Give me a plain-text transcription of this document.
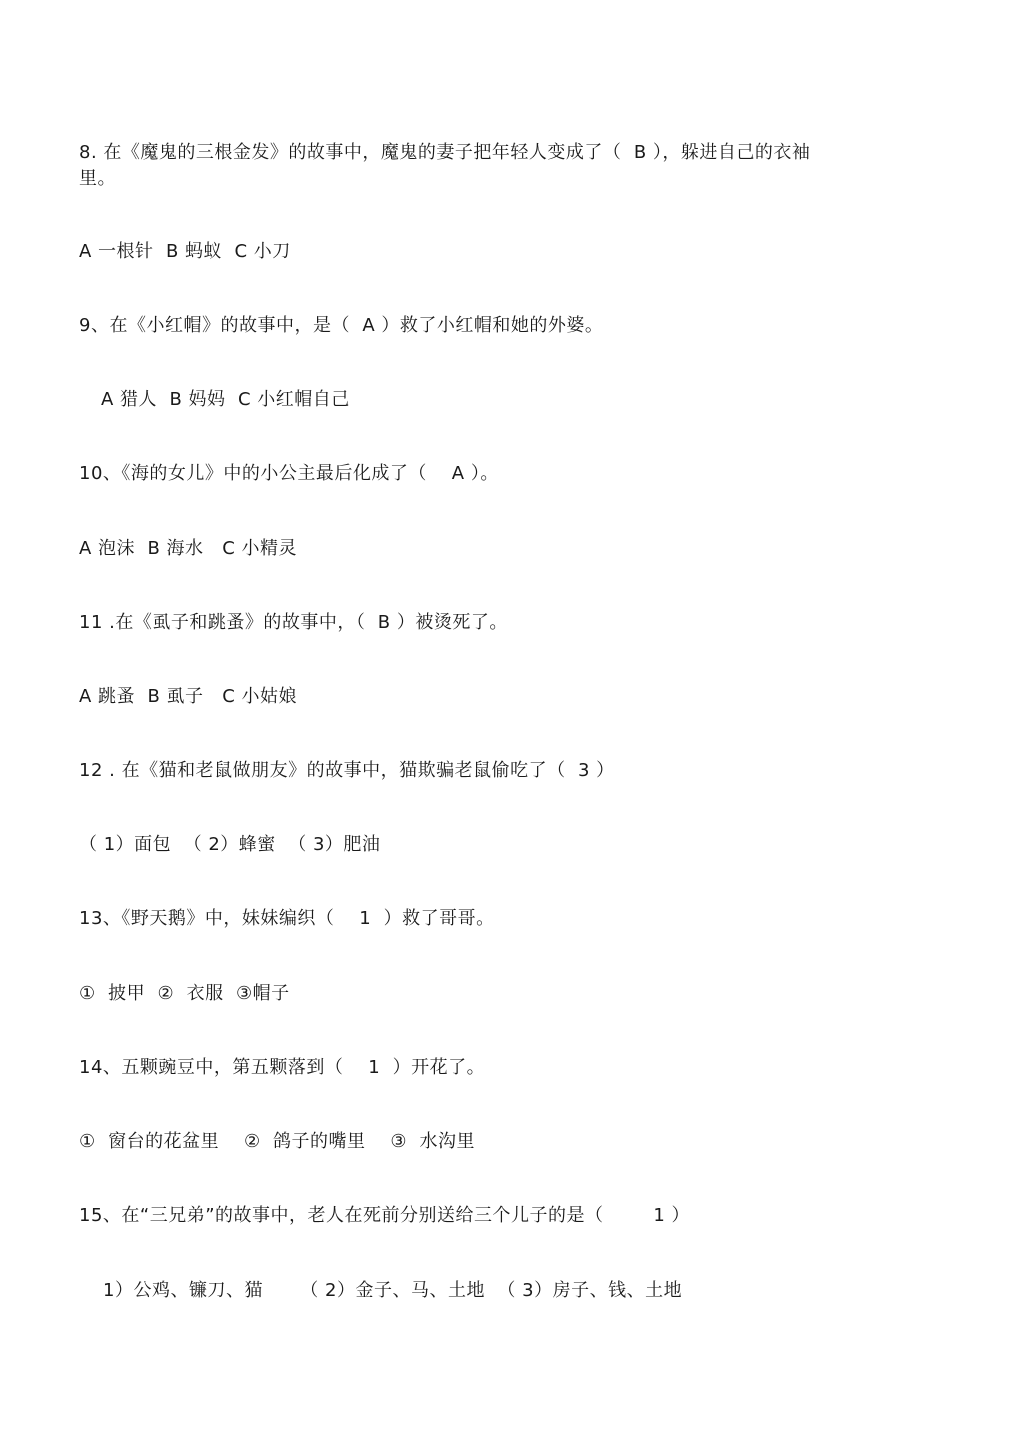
8. 在《魔鬼的三根金发》的故事中，魔鬼的妻子把年轻人变成了（  B ），躲进自己的衣袖
里。
A 一根针  B 蚂蚁  C 小刀
9、在《小红帽》的故事中，是（  A ）救了小红帽和她的外婆。
A 猎人  B 妈妈  C 小红帽自己
10、《海的女儿》中的小公主最后化成了（    A ）。
A 泡沫  B 海水   C 小精灵
11 .在《虱子和跳蚤》的故事中，（  B ）被烫死了。
A 跳蚤  B 虱子   C 小姑娘
12 . 在《猫和老鼠做朋友》的故事中，猫欺骗老鼠偷吃了（  3 ）
（ 1）面包  （ 2）蜂蜜  （ 3）肥油
13、《野天鹅》中，妹妹编织（    1  ）救了哥哥。
①  披甲  ②  衣服  ③帽子
14、五颗豌豆中，第五颗落到（    1  ）开花了。
①  窗台的花盆里    ②  鸽子的嘴里    ③  水沟里
15、在“三兄弟”的故事中，老人在死前分别送给三个儿子的是（        1 ）
1）公鸡、镰刀、猫      （ 2）金子、马、土地  （ 3）房子、钱、土地
